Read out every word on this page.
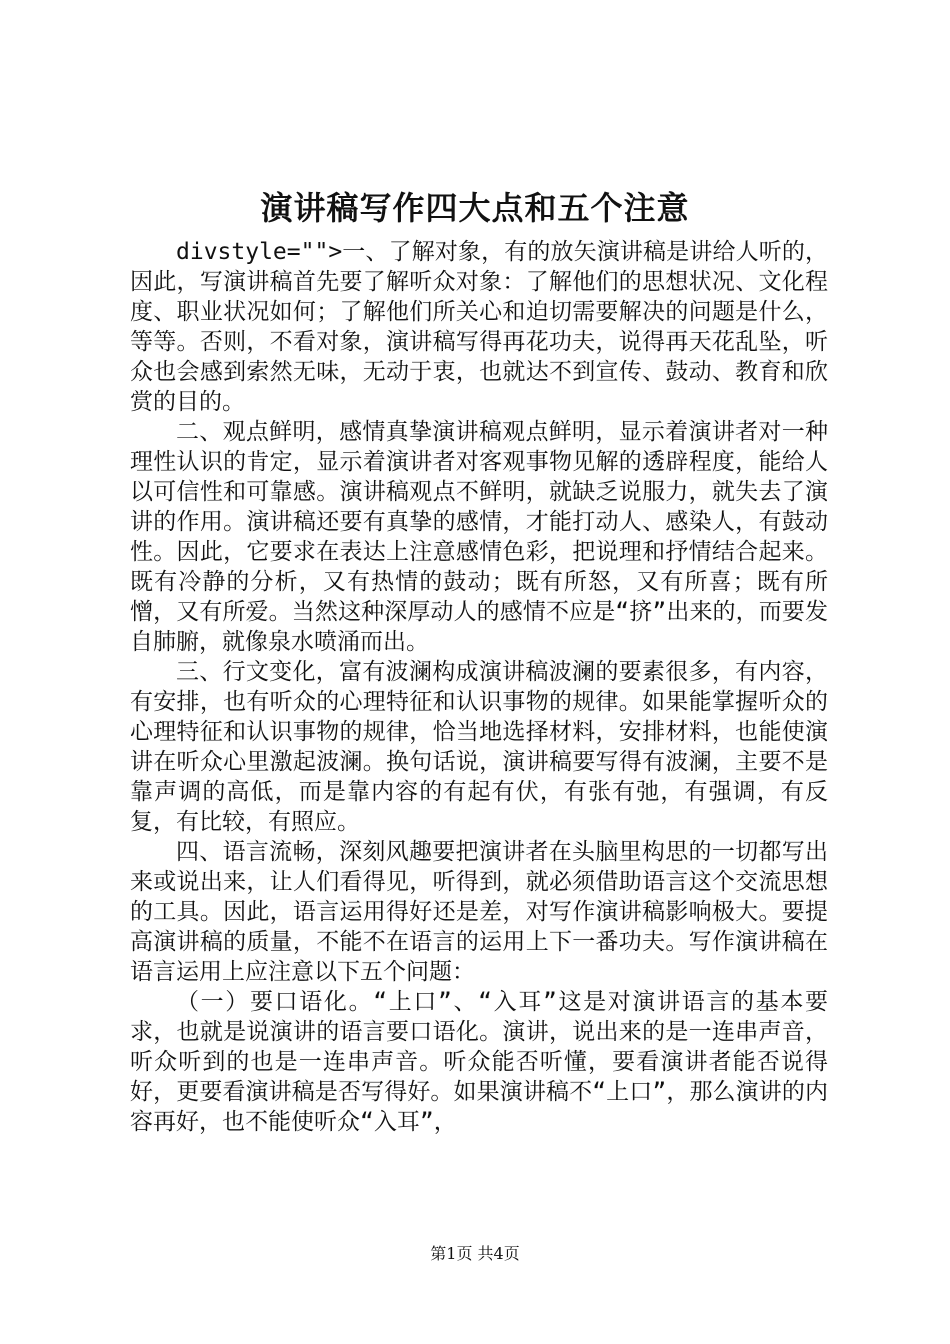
演讲稿写作四大点和五个注意

divstyle="">一、了解对象，有的放矢演讲稿是讲给人听的，因此，写演讲稿首先要了解听众对象：了解他们的思想状况、文化程度、职业状况如何；了解他们所关心和迫切需要解决的问题是什么，等等。否则，不看对象，演讲稿写得再花功夫，说得再天花乱坠，听众也会感到索然无味，无动于衷，也就达不到宣传、鼓动、教育和欣赏的目的。

二、观点鲜明，感情真挚演讲稿观点鲜明，显示着演讲者对一种理性认识的肯定，显示着演讲者对客观事物见解的透辟程度，能给人以可信性和可靠感。演讲稿观点不鲜明，就缺乏说服力，就失去了演讲的作用。演讲稿还要有真挚的感情，才能打动人、感染人，有鼓动性。因此，它要求在表达上注意感情色彩，把说理和抒情结合起来。既有冷静的分析，又有热情的鼓动；既有所怒，又有所喜；既有所憎，又有所爱。当然这种深厚动人的感情不应是“挤”出来的，而要发自肺腑，就像泉水喷涌而出。

三、行文变化，富有波澜构成演讲稿波澜的要素很多，有内容，有安排，也有听众的心理特征和认识事物的规律。如果能掌握听众的心理特征和认识事物的规律，恰当地选择材料，安排材料，也能使演讲在听众心里激起波澜。换句话说，演讲稿要写得有波澜，主要不是靠声调的高低，而是靠内容的有起有伏，有张有弛，有强调，有反复，有比较，有照应。

四、语言流畅，深刻风趣要把演讲者在头脑里构思的一切都写出来或说出来，让人们看得见，听得到，就必须借助语言这个交流思想的工具。因此，语言运用得好还是差，对写作演讲稿影响极大。要提高演讲稿的质量，不能不在语言的运用上下一番功夫。写作演讲稿在语言运用上应注意以下五个问题：

（一）要口语化。“上口”、“入耳”这是对演讲语言的基本要求，也就是说演讲的语言要口语化。演讲，说出来的是一连串声音，听众听到的也是一连串声音。听众能否听懂，要看演讲者能否说得好，更要看演讲稿是否写得好。如果演讲稿不“上口”，那么演讲的内容再好，也不能使听众“入耳”，

第1页 共4页
